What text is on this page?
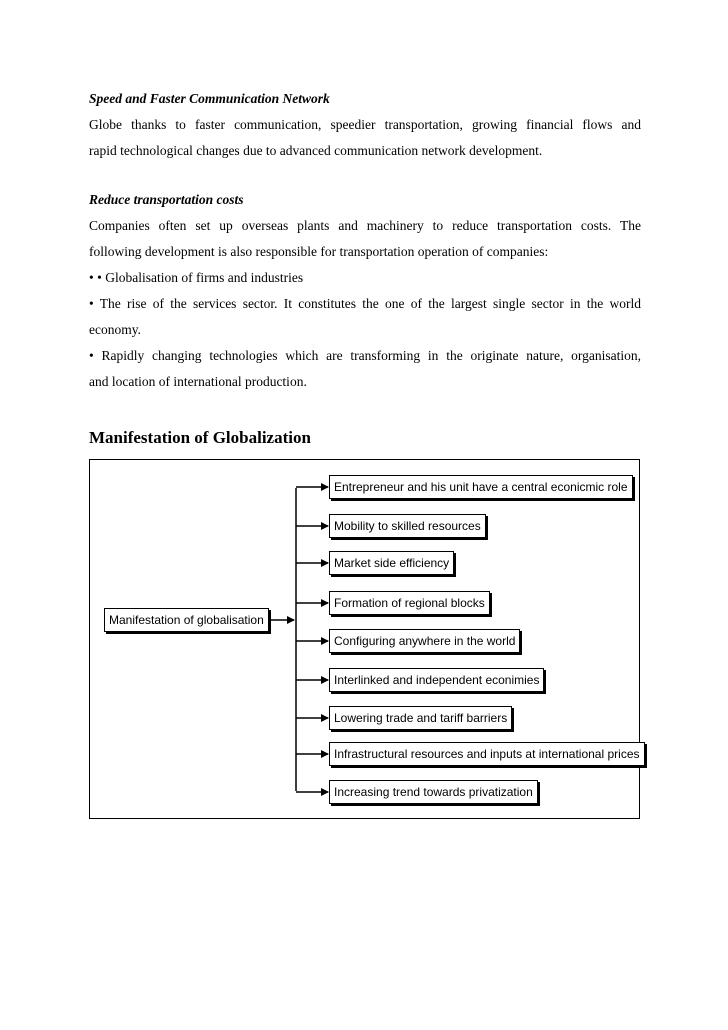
Speed and Faster Communication Network
Globe thanks to faster communication, speedier transportation, growing financial flows and
rapid technological changes due to advanced communication network development.
Reduce transportation costs
Companies often set up overseas plants and machinery to reduce transportation costs. The
following development is also responsible for transportation operation of companies:
• • Globalisation of firms and industries
• The rise of the services sector. It constitutes the one of the largest single sector in the world
economy.
• Rapidly changing technologies which are transforming in the originate nature, organisation,
and location of international production.
Manifestation of Globalization
Manifestation of globalisation
Entrepreneur and his unit have a central econicmic role
Mobility to skilled resources
Market side efficiency
Formation of regional blocks
Configuring anywhere in the world
Interlinked and independent econimies
Lowering trade and tariff barriers
Infrastructural resources and inputs at international prices
Increasing trend towards privatization
